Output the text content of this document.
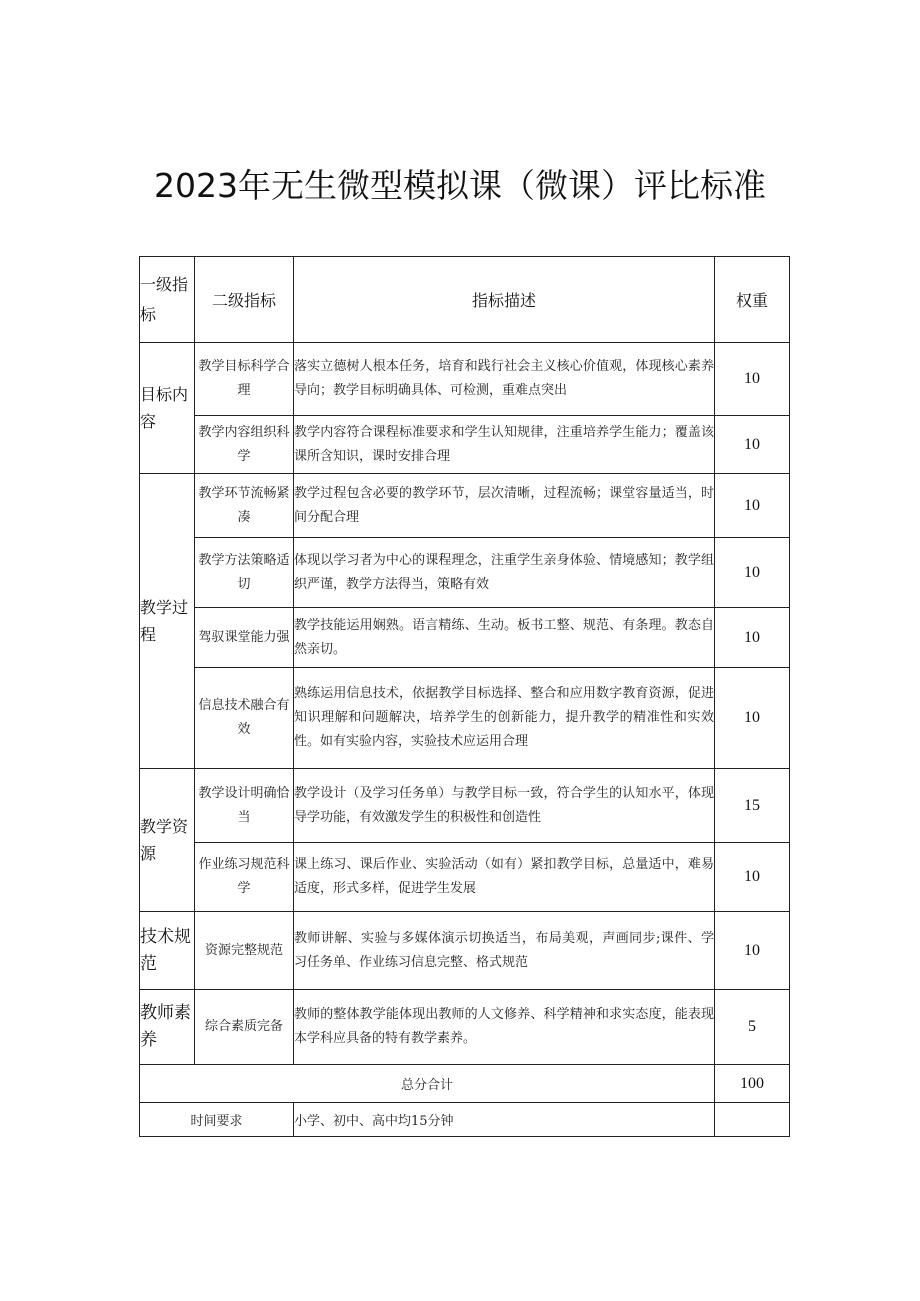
2023年无生微型模拟课（微课）评比标准
一级指标	二级指标	指标描述	权重
目标内容	教学目标科学合理	落实立德树人根本任务，培育和践行社会主义核心价值观，体现核心素养导向；教学目标明确具体、可检测，重难点突出	10
	教学内容组织科学	教学内容符合课程标准要求和学生认知规律，注重培养学生能力；覆盖该课所含知识，课时安排合理	10
教学过程	教学环节流畅紧凑	教学过程包含必要的教学环节，层次清晰，过程流畅；课堂容量适当，时间分配合理	10
	教学方法策略适切	体现以学习者为中心的课程理念，注重学生亲身体验、情境感知；教学组织严谨，教学方法得当，策略有效	10
	驾驭课堂能力强	教学技能运用娴熟。语言精练、生动。板书工整、规范、有条理。教态自然亲切。	10
	信息技术融合有效	熟练运用信息技术，依据教学目标选择、整合和应用数字教育资源，促进知识理解和问题解决，培养学生的创新能力，提升教学的精准性和实效性。如有实验内容，实验技术应运用合理	10
教学资源	教学设计明确恰当	教学设计（及学习任务单）与教学目标一致，符合学生的认知水平，体现导学功能，有效激发学生的积极性和创造性	15
	作业练习规范科学	课上练习、课后作业、实验活动（如有）紧扣教学目标，总量适中，难易适度，形式多样，促进学生发展	10
技术规范	资源完整规范	教师讲解、实验与多媒体演示切换适当，布局美观，声画同步;课件、学习任务单、作业练习信息完整、格式规范	10
教师素养	综合素质完备	教师的整体教学能体现出教师的人文修养、科学精神和求实态度，能表现本学科应具备的特有教学素养。	5
总分合计			100
时间要求		小学、初中、高中均15分钟	
